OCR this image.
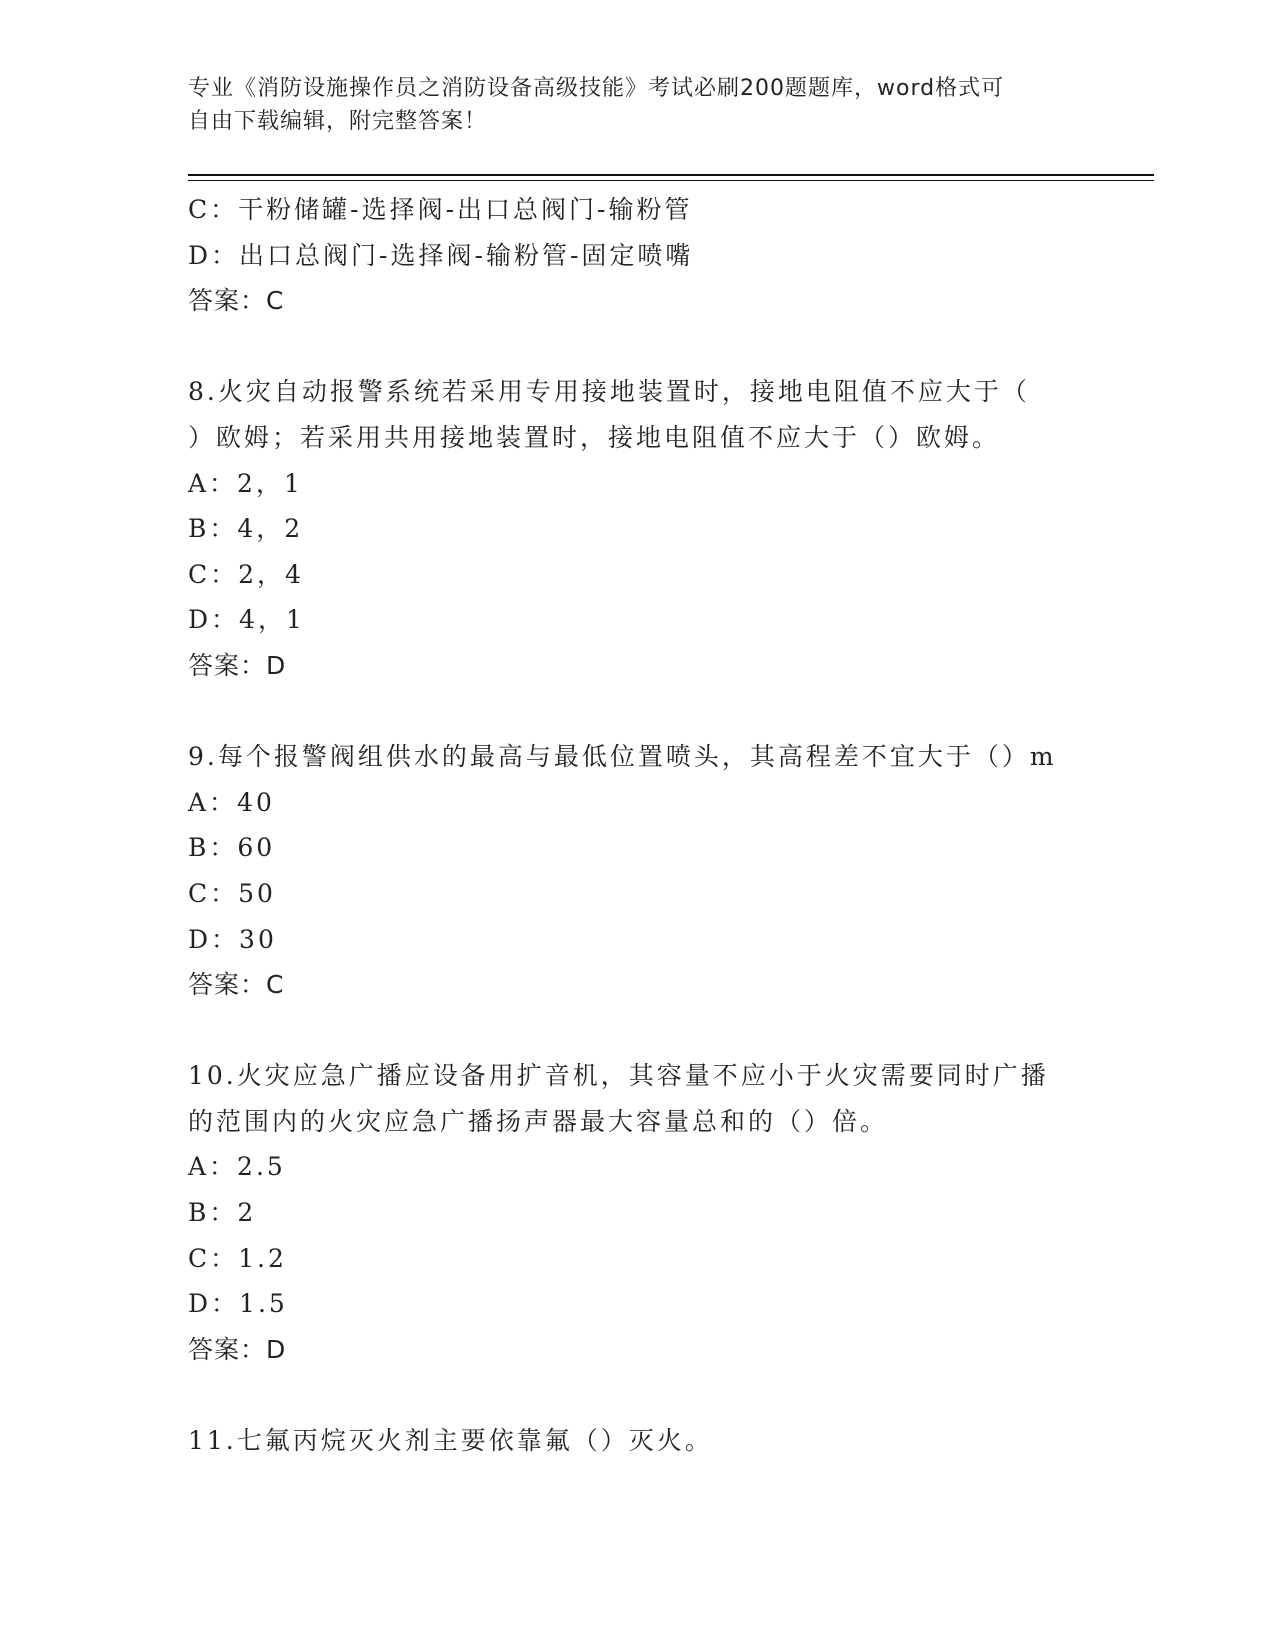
专业《消防设施操作员之消防设备高级技能》考试必刷200题题库，word格式可
自由下载编辑，附完整答案！
C：干粉储罐-选择阀-出口总阀门-输粉管
D：出口总阀门-选择阀-输粉管-固定喷嘴
答案：C
8.火灾自动报警系统若采用专用接地装置时，接地电阻值不应大于（
）欧姆；若采用共用接地装置时，接地电阻值不应大于（）欧姆。
A：2，1
B：4，2
C：2，4
D：4，1
答案：D
9.每个报警阀组供水的最高与最低位置喷头，其高程差不宜大于（）m
A：40
B：60
C：50
D：30
答案：C
10.火灾应急广播应设备用扩音机，其容量不应小于火灾需要同时广播
的范围内的火灾应急广播扬声器最大容量总和的（）倍。
A：2.5
B：2
C：1.2
D：1.5
答案：D
11.七氟丙烷灭火剂主要依靠氟（）灭火。
